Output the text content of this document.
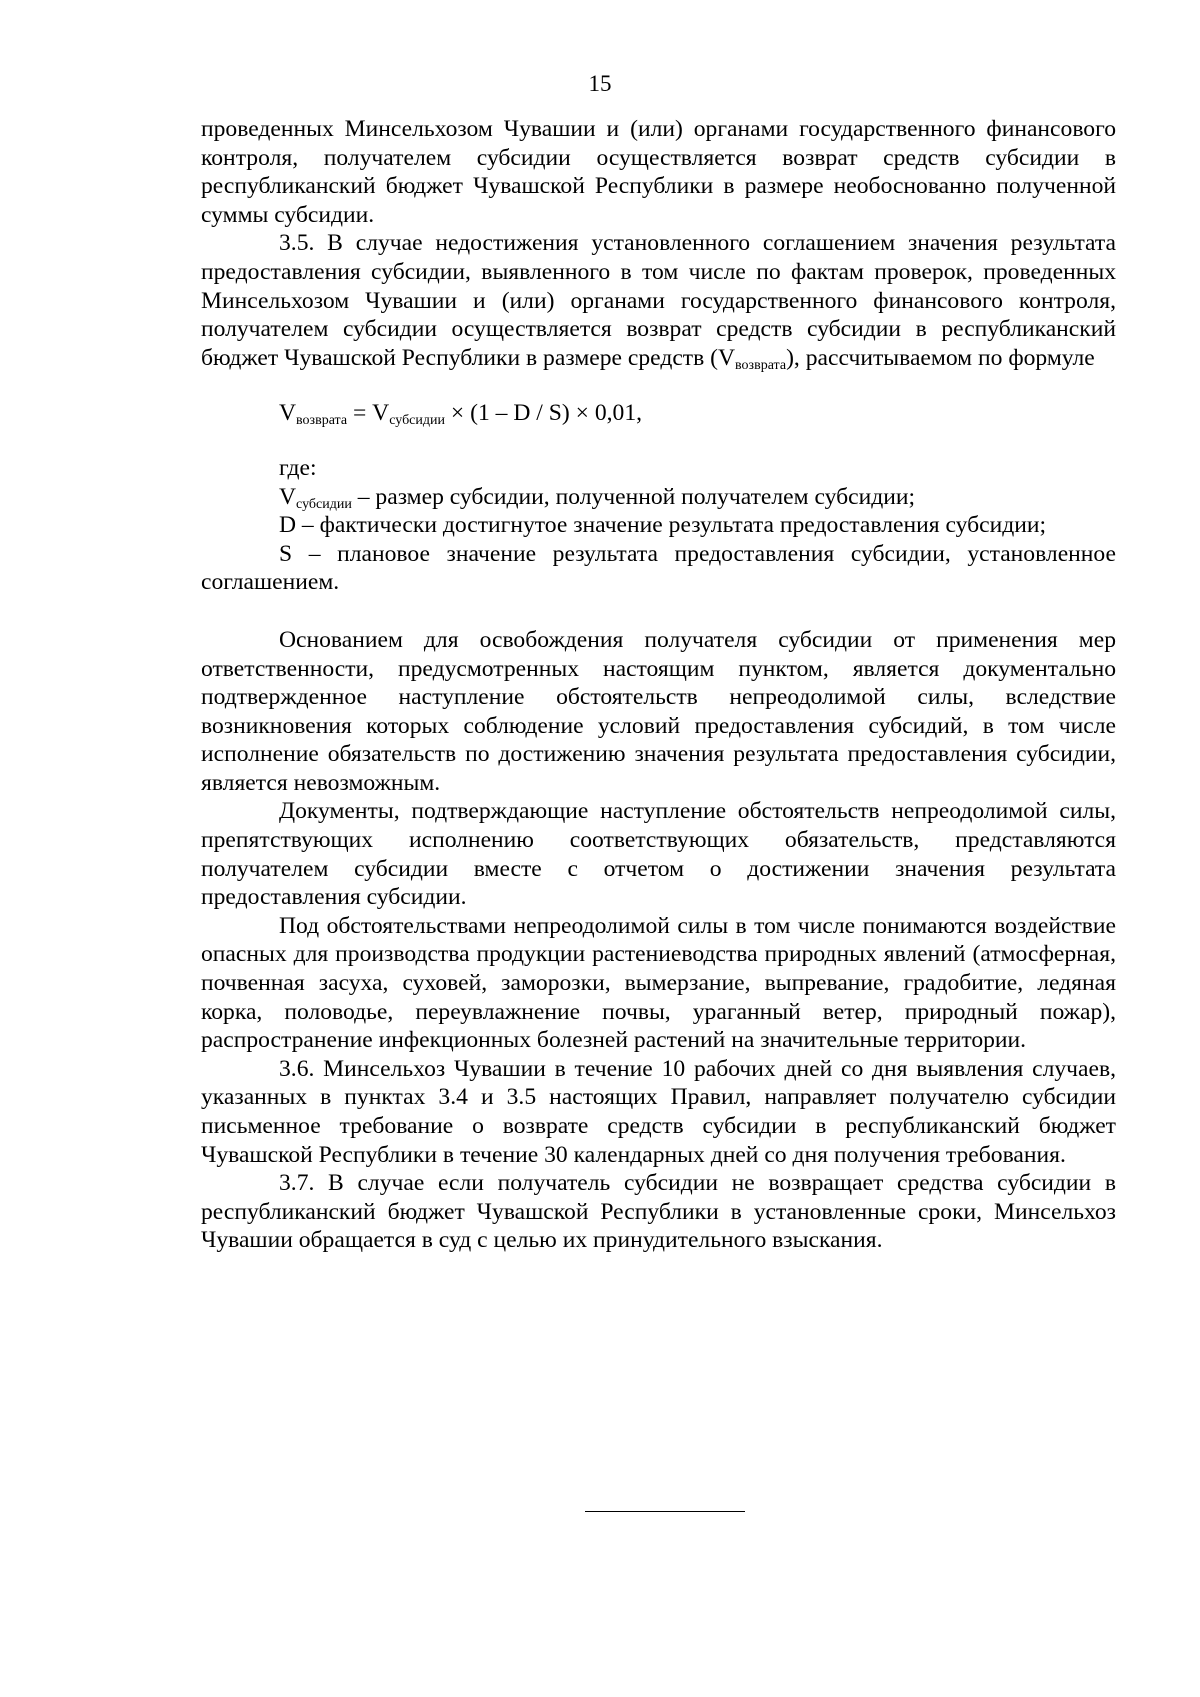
15

проведенных Минсельхозом Чувашии и (или) органами государственного финансового контроля, получателем субсидии осуществляется возврат средств субсидии в республиканский бюджет Чувашской Республики в размере необоснованно полученной суммы субсидии.

3.5. В случае недостижения установленного соглашением значения результата предоставления субсидии, выявленного в том числе по фактам проверок, проведенных Минсельхозом Чувашии и (или) органами государственного финансового контроля, получателем субсидии осуществляется возврат средств субсидии в республиканский бюджет Чувашской Республики в размере средств $(V_{возврата})$, рассчитываемом по формуле

$V_{возврата} = V_{субсидии} \times (1 - D / S) \times 0,01$,

где:

$V_{субсидии}$ – размер субсидии, полученной получателем субсидии;

D – фактически достигнутое значение результата предоставления субсидии;

S – плановое значение результата предоставления субсидии, установленное соглашением.

Основанием для освобождения получателя субсидии от применения мер ответственности, предусмотренных настоящим пунктом, является документально подтвержденное наступление обстоятельств непреодолимой силы, вследствие возникновения которых соблюдение условий предоставления субсидий, в том числе исполнение обязательств по достижению значения результата предоставления субсидии, является невозможным.

Документы, подтверждающие наступление обстоятельств непреодолимой силы, препятствующих исполнению соответствующих обязательств, представляются получателем субсидии вместе с отчетом о достижении значения результата предоставления субсидии.

Под обстоятельствами непреодолимой силы в том числе понимаются воздействие опасных для производства продукции растениеводства природных явлений (атмосферная, почвенная засуха, суховей, заморозки, вымерзание, выпревание, градобитие, ледяная корка, половодье, переувлажнение почвы, ураганный ветер, природный пожар), распространение инфекционных болезней растений на значительные территории.

3.6. Минсельхоз Чувашии в течение 10 рабочих дней со дня выявления случаев, указанных в пунктах 3.4 и 3.5 настоящих Правил, направляет получателю субсидии письменное требование о возврате средств субсидии в республиканский бюджет Чувашской Республики в течение 30 календарных дней со дня получения требования.

3.7. В случае если получатель субсидии не возвращает средства субсидии в республиканский бюджет Чувашской Республики в установленные сроки, Минсельхоз Чувашии обращается в суд с целью их принудительного взыскания.
